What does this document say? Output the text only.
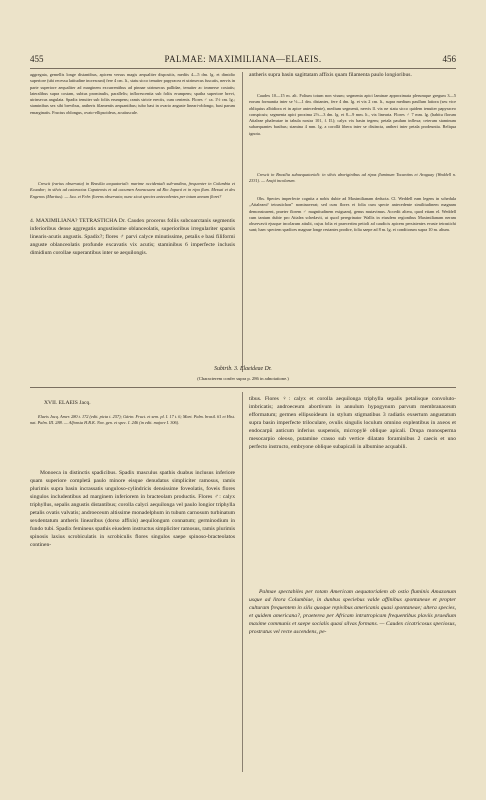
455	PALMAE: MAXIMILIANA—ELAEIS.	456

aggregata, gemellis longe distantibus, apicem versus magis aequaliter dispositis, mediis 4—5 dm. lg. et dimidio superiore (ubi recessu latitudine increscunt) fere 4 cm. lt., statu sicco tenuiter papyracea et utrinsecus fuscatis, nervis in parte superiore aequaliter ad marginem excurrentibus ad pinnae utrinsecus pallidae, tenuiter ac immerse costatis; lateralibus supra costam, subtus prominulis, parallelis; inflorescentia sub foliis erumpens; spatha superiore brevi, utrinsecus angulata. Spadix tenuiter sub foliis erumpens; ramis stricte erectis, cum centenis. Flores ♂ ca. 1½ cm. lg.; staminibus sex sibi brevibus, antheris filamentis aequantibus; tubo basi in ovario anguste lineari-oblongo, basi parum emarginatis. Fructus oblongus, ovato-ellipsoideus, acutiuscule.

Crescit (rarius observata) in Brasilia aequatoriali: marime occidentali sub-andina, frequenter in Columbia et Ecuador; in silvis ad cataractas Cupatensis et ad cacumen Araracuara ad Rio Japurá et in ripa flum. Messai et des Engenos (Martius). — Jau. et Febr. florens observata; nunc sicut species antecedentes per totum annum floret?

4. MAXIMILIANA? TETRASTICHA Dr. Caudex procerus foliis subcoarctanis segmentis inferioribus dense aggregatis angustissime oblanceolatis, superioribus irregulariter sparsis linearis-acutis angustis. Spadix?; flores ♂ parvi calyce minutissime, petalis e basi filiformi anguste oblanceolatis profunde excavatis vix acutis; staminibus 6 imperfecte inclusis dimidium corollae superantibus inter se aequilongis.

antheris supra basin sagittatam affixis quam filamenta paulo longioribus.

Caudex 10—15 m. alt. Folium totum non visum; segmenta apici laminae approximata plerumque gregum 3—5 eorum formantia inter se ½—1 dm. distantes, fere 4 dm. lg. et vix 2 cm. lt., supra medium paullum latiora (seu vice obliquius albidiora et in apice antecedente), medium segmenti, nervis ll. vix ne statu sicco quidem tenuiter papyraceo conspicuis; segmenta apici proxima 2½—3 dm. lg. et 8—9 mm. lt., vix linearia. Flores ♂ 7 mm. lg. (habitu florum Attaleae phaleratae in tabula nostra 101, f. II.); calyx vix basin tegens; petala paulum inflexa; ceterum staminum subaequantes basibus; stamina 4 mm. lg. a corollâ libera inter se distincta, antheri inter petala prodeuntia. Reliqua ignota.

Crescit in Brasilia subaequatoriali: in silvis aboriginibus ad ripas fluminum Tocantins et Araguay (Weddell n. 2331). — Arajá incolarum.

Obs. Species imperfecte cognita a nobis dubie ad Maximilianam deducta. Cl. Weddell eam legens in schedula „Attaleam? tetrastichon” nominaverat; sed cum flores et folia cum specie antecedente similitudinem magnam demonstrarent, praeter florem ♂ magnitudinem exiguam), genus mutavimus. Accedit altera, quod etiam el. Weddell cum tantum dubie pro Attalea schedavit, ut quod peregrinator Wallis in eiusdem regionibus Maximilianam neram observavit ejusque incolarum attulit, cujus folia et praecertim petioli ad caudicis apicem persistentes evaste tetrastichi sunt; haec speciem spadices magnae longe restantes prodire, folia saepe ad 8 m. lg. et conditorum supra 10 m. altum.

Subtrib. 3. Elaeideae Dr.
(Characterem confer supra p. 286 in adnotatione.)

XVII. ELAEIS Jacq.

Elaeis Jacq. Amer. 280 t. 172 (edit. picta t. 257); Gärtn. Fruct. et sem. pl. I. 17 t. 6; Mart. Palm. brasil. 61 et Hist. nat. Palm. III. 288. — Alfonsia H.B.K. Nov. gen. et spec. I. 246 (in edit. majore I. 306).

Monoeca in distinctis spadicibus. Spadix masculus spathis duabus inclusus inferiore quam superiore completâ paulo minore eisque denudatus simpliciter ramosus, ramis plurimis supra basin incrassatis unguloso-cylindricis densissime foveolatis, foveis flores singulos includentibus ad marginem inferiorem in bracteolam productis. Flores ♂: calyx triphyllus, sepalis angustis distantibus; corolla calyci aequilonga vel paulo longior triphylla petalis ovatis valvatis; androeceum altissime monadelphum in tubum carnosum turbinatum sexdentatum antheris linearibus (dorso affixis) aequilongum connatum; germinodium in fundo tubi. Spadix femineus spathis eiusdem instructus simpliciter ramosus, ramis plurimis spinosis laxius scrobiculatis in scrobiculis flores singulos saepe spinoso-bracteolatos continen-

tibus. Flores ♀: calyx et corolla aequilonga triphylla sepalis petalisque convoluto-imbricatis; androeceum abortivum in annulum hypogynum parvum membranaceum efformatum; germen ellipsoideum in stylum stigmatibus 3 radiatis exsertum angustatum supra basin imperfecte triloculare, ovulis singulis loculum omnino explentibus in axeos et endocarpii anticum inferius suspensis, micropylè oblique apicali. Drupa monosperma mesocarpio oleoso, putamine crasso sub vertice dilatato foraminibus 2 caecis et uno perfecto instructo, embryone oblique subapicali in albumine acquabili.

Palmae spectabiles per totam Americam aequatorialem ab ostio fluminis Amazonum usque ad litora Columbiae, in dunbus speciebus valde affinibus spontaneae et propter culturam frequentem in silis quoque repivibus americanis quasi spontaneae; altera species, et quidem americana?, praeterea per Africam intratropicam frequentibus plaviis praedium maxime communis et saepe socialis quasi silvas formans. — Caudex cicatricosus speciosus, prostratus vel recte ascendens, pe-
